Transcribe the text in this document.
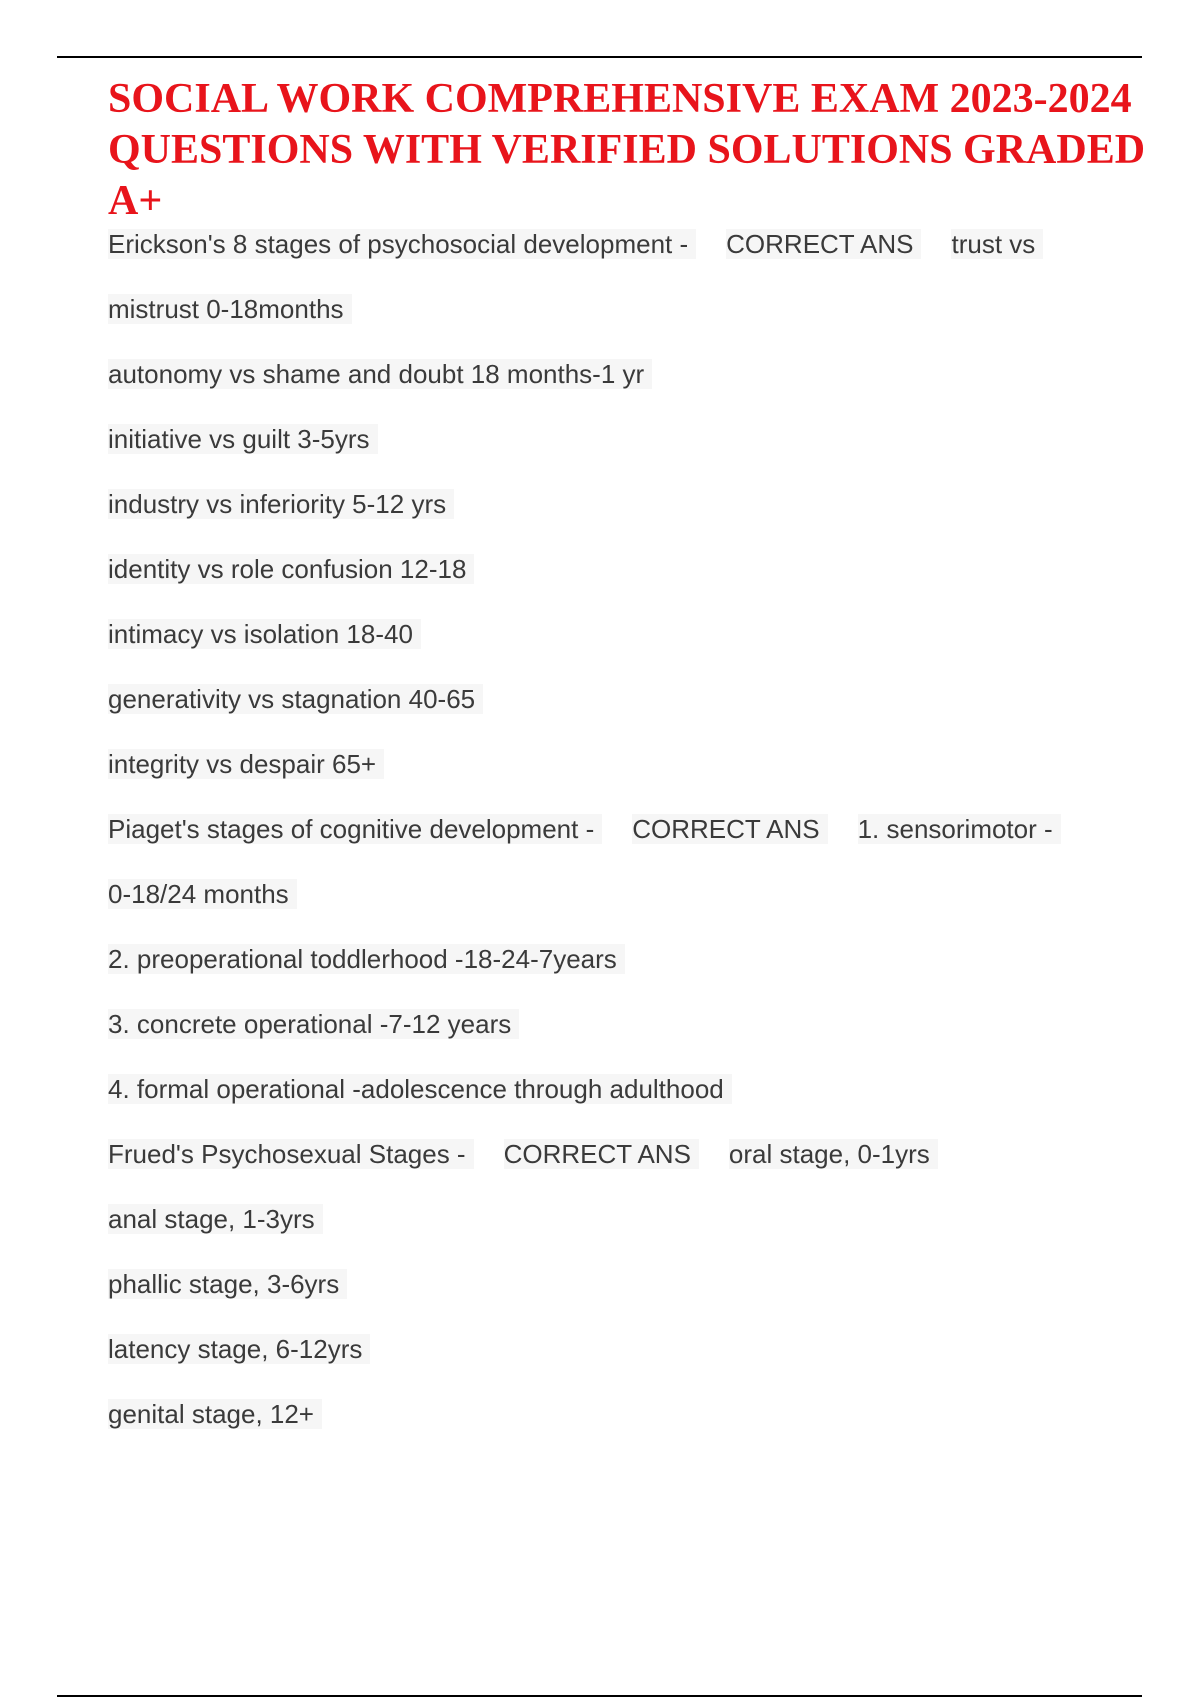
SOCIAL WORK COMPREHENSIVE EXAM 2023-2024 QUESTIONS WITH VERIFIED SOLUTIONS GRADED A+
Erickson's 8 stages of psychosocial development - CORRECT ANS trust vs
mistrust 0-18months
autonomy vs shame and doubt 18 months-1 yr
initiative vs guilt 3-5yrs
industry vs inferiority 5-12 yrs
identity vs role confusion 12-18
intimacy vs isolation 18-40
generativity vs stagnation 40-65
integrity vs despair 65+
Piaget's stages of cognitive development - CORRECT ANS 1. sensorimotor -
0-18/24 months
2. preoperational toddlerhood -18-24-7years
3. concrete operational -7-12 years
4. formal operational -adolescence through adulthood
Frued's Psychosexual Stages - CORRECT ANS oral stage, 0-1yrs
anal stage, 1-3yrs
phallic stage, 3-6yrs
latency stage, 6-12yrs
genital stage, 12+
